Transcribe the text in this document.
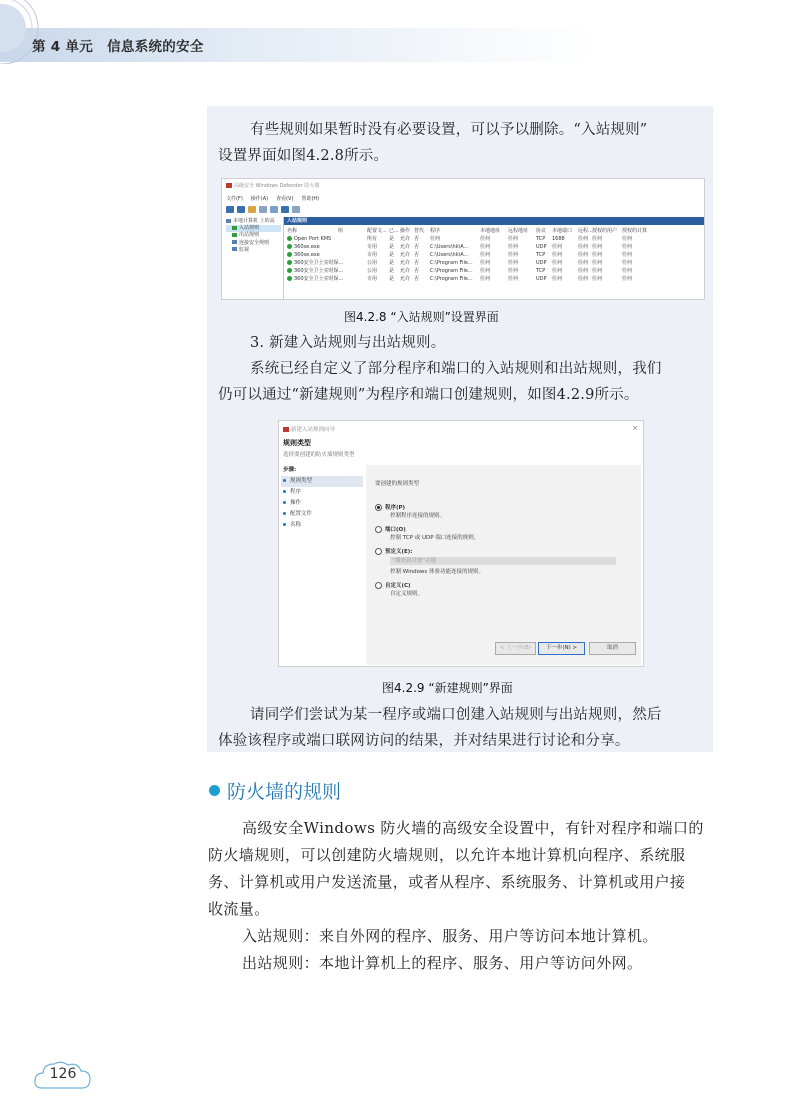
第 4 单元 信息系统的安全
有些规则如果暂时没有必要设置，可以予以删除。“入站规则”
设置界面如图4.2.8所示。
高级安全 Windows Defender 防火墙
文件(F) 操作(A) 查看(V) 帮助(H)
本地计算机 上的高
入站规则
出站规则
连接安全规则
监视
入站规则
名称	组	配置文... 已... 操作 替代 程序	本地地址 远程地址 协议 本地端口 远程... 授权的用户 授权的计算
Open Port KMS	所有 是 允许 否 任何	任何	任何	TCP 1688	任何 任何	任何
360se.exe	专用 是 允许 否 C:\Users\hk\A... 任何	任何	UDP 任何	任何 任何	任何
360se.exe	专用 是 允许 否 C:\Users\hk\A... 任何	任何	TCP 任何	任何 任何	任何
360安全卫士实时保...	公用 是 允许 否 C:\Program File... 任何	任何	UDP 任何	任何 任何	任何
360安全卫士实时保...	公用 是 允许 否 C:\Program File... 任何	任何	TCP 任何	任何 任何	任何
360安全卫士实时保...	专用 是 允许 否 C:\Program File... 任何	任何	UDP 任何	任何 任何	任何
图4.2.8 “入站规则”设置界面
3. 新建入站规则与出站规则。
系统已经自定义了部分程序和端口的入站规则和出站规则，我们
仍可以通过“新建规则”为程序和端口创建规则，如图4.2.9所示。
新建入站规则向导	×
规则类型
选择要创建的防火墙规则类型
步骤:
规则类型
程序
操作
配置文件
名称
要创建的规则类型
程序(P)
控制程序连接的规则。
端口(O)
控制 TCP 或 UDP 端口连接的规则。
预定义(E):
“播放到设备”功能
控制 Windows 体验功能连接的规则。
自定义(C)
自定义规则。
< 上一步(B)	下一步(N) >	取消
图4.2.9 “新建规则”界面
请同学们尝试为某一程序或端口创建入站规则与出站规则，然后
体验该程序或端口联网访问的结果，并对结果进行讨论和分享。
防火墙的规则
高级安全Windows 防火墙的高级安全设置中，有针对程序和端口的
防火墙规则，可以创建防火墙规则，以允许本地计算机向程序、系统服
务、计算机或用户发送流量，或者从程序、系统服务、计算机或用户接
收流量。
入站规则：来自外网的程序、服务、用户等访问本地计算机。
出站规则：本地计算机上的程序、服务、用户等访问外网。
126
